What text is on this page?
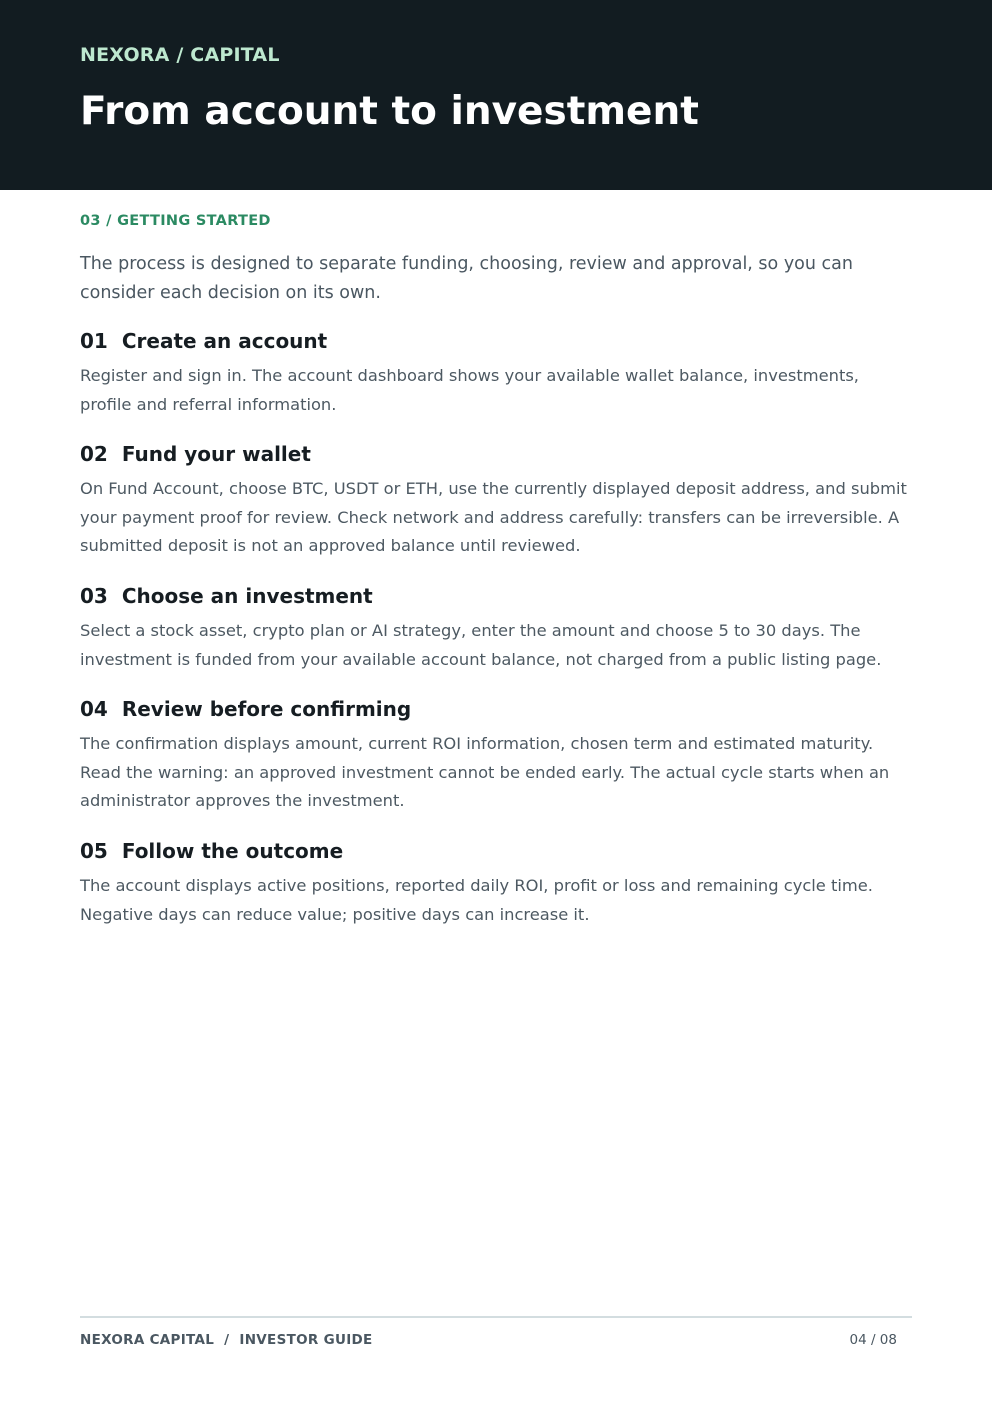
NEXORA / CAPITAL
From account to investment
03 / GETTING STARTED

The process is designed to separate funding, choosing, review and approval, so you can consider each decision on its own.

01 Create an account

Register and sign in. The account dashboard shows your available wallet balance, investments, profile and referral information.

02 Fund your wallet

On Fund Account, choose BTC, USDT or ETH, use the currently displayed deposit address, and submit your payment proof for review. Check network and address carefully: transfers can be irreversible. A submitted deposit is not an approved balance until reviewed.

03 Choose an investment

Select a stock asset, crypto plan or AI strategy, enter the amount and choose 5 to 30 days. The investment is funded from your available account balance, not charged from a public listing page.

04 Review before confirming

The confirmation displays amount, current ROI information, chosen term and estimated maturity. Read the warning: an approved investment cannot be ended early. The actual cycle starts when an administrator approves the investment.

05 Follow the outcome

The account displays active positions, reported daily ROI, profit or loss and remaining cycle time. Negative days can reduce value; positive days can increase it.

NEXORA CAPITAL  /  INVESTOR GUIDE	04 / 08
